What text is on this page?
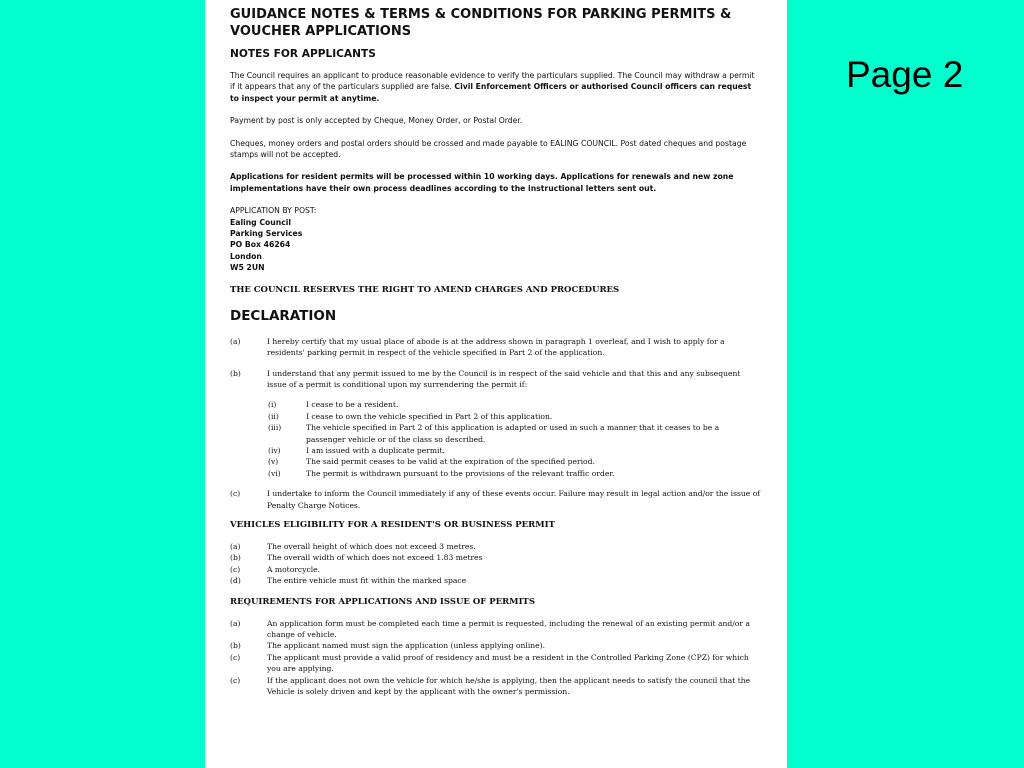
Page 2
GUIDANCE NOTES & TERMS & CONDITIONS FOR PARKING PERMITS & VOUCHER APPLICATIONS
NOTES FOR APPLICANTS
The Council requires an applicant to produce reasonable evidence to verify the particulars supplied. The Council may withdraw a permit if it appears that any of the particulars supplied are false. Civil Enforcement Officers or authorised Council officers can request to inspect your permit at anytime.
Payment by post is only accepted by Cheque, Money Order, or Postal Order.
Cheques, money orders and postal orders should be crossed and made payable to EALING COUNCIL. Post dated cheques and postage stamps will not be accepted.
Applications for resident permits will be processed within 10 working days. Applications for renewals and new zone implementations have their own process deadlines according to the instructional letters sent out.
APPLICATION BY POST:
Ealing Council
Parking Services
PO Box 46264
London
W5 2UN
THE COUNCIL RESERVES THE RIGHT TO AMEND CHARGES AND PROCEDURES
DECLARATION
(a)	I hereby certify that my usual place of abode is at the address shown in paragraph 1 overleaf, and I wish to apply for a residents' parking permit in respect of the vehicle specified in Part 2 of the application.
(b)	I understand that any permit issued to me by the Council is in respect of the said vehicle and that this and any subsequent issue of a permit is conditional upon my surrendering the permit if:
(i)	I cease to be a resident.
(ii)	I cease to own the vehicle specified in Part 2 of this application.
(iii)	The vehicle specified in Part 2 of this application is adapted or used in such a manner that it ceases to be a passenger vehicle or of the class so described.
(iv)	I am issued with a duplicate permit.
(v)	The said permit ceases to be valid at the expiration of the specified period.
(vi)	The permit is withdrawn pursuant to the provisions of the relevant traffic order.
(c)	I undertake to inform the Council immediately if any of these events occur. Failure may result in legal action and/or the issue of Penalty Charge Notices.
VEHICLES ELIGIBILITY FOR A RESIDENT'S OR BUSINESS PERMIT
(a)	The overall height of which does not exceed 3 metres.
(b)	The overall width of which does not exceed 1.83 metres
(c)	A motorcycle.
(d)	The entire vehicle must fit within the marked space
REQUIREMENTS FOR APPLICATIONS AND ISSUE OF PERMITS
(a)	An application form must be completed each time a permit is requested, including the renewal of an existing permit and/or a change of vehicle.
(b)	The applicant named must sign the application (unless applying online).
(c)	The applicant must provide a valid proof of residency and must be a resident in the Controlled Parking Zone (CPZ) for which you are applying.
(c)	If the applicant does not own the vehicle for which he/she is applying, then the applicant needs to satisfy the council that the
Vehicle is solely driven and kept by the applicant with the owner's permission.
